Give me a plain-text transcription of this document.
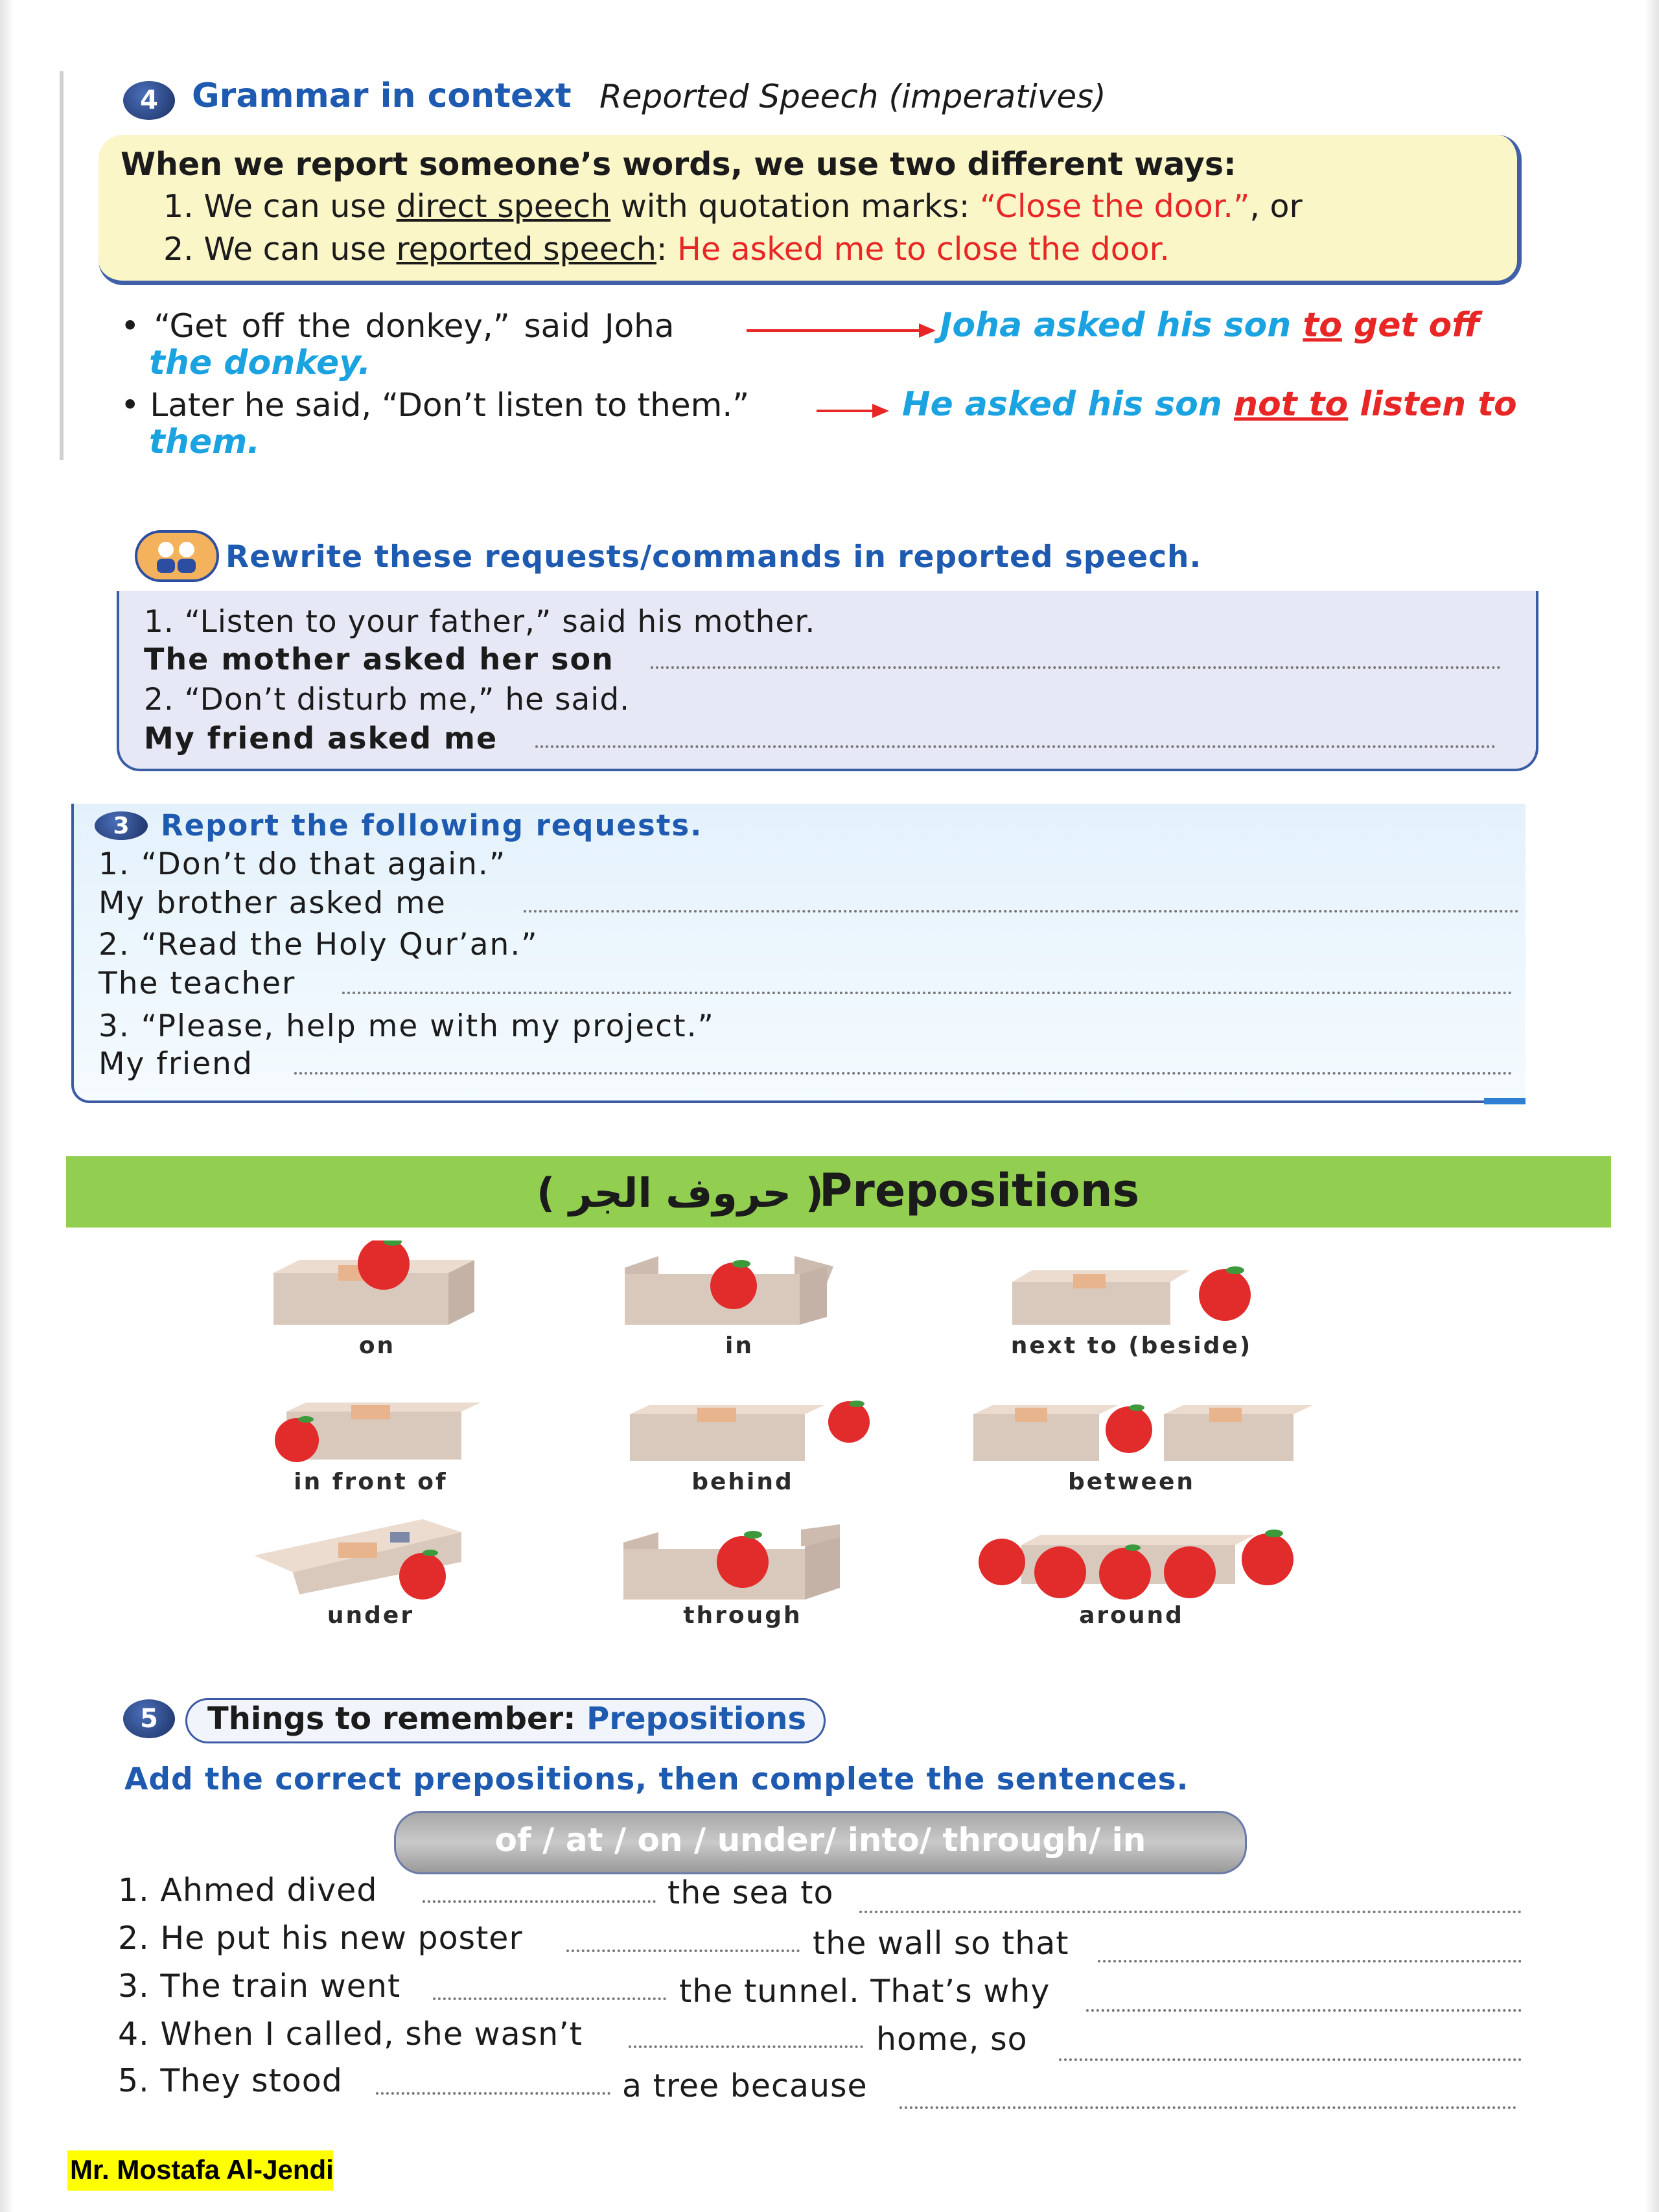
4 Grammar in context Reported Speech (imperatives)
When we report someone’s words, we use two different ways:
1. We can use direct speech with quotation marks: “Close the door.”, or
2. We can use reported speech: He asked me to close the door.
• “Get off the donkey,” said Joha	Joha asked his son to get off
the donkey.
• Later he said, “Don’t listen to them.”	He asked his son not to listen to
them.
Rewrite these requests/commands in reported speech.
1. “Listen to your father,” said his mother.
The mother asked her son
2. “Don’t disturb me,” he said.
My friend asked me
3 Report the following requests.
1. “Don’t do that again.”
My brother asked me
2. “Read the Holy Qur’an.”
The teacher
3. “Please, help me with my project.”
My friend
( حروف الجر )
Prepositions
on	in	next to (beside)
in front of	behind	between
under	through	around
5 Things to remember: Prepositions
Add the correct prepositions, then complete the sentences.
of / at / on / under/ into/ through/ in
1. Ahmed dived	the sea to
2. He put his new poster	the wall so that
3. The train went	the tunnel. That’s why
4. When I called, she wasn’t	home, so
5. They stood	a tree because
Mr. Mostafa Al-Jendi
